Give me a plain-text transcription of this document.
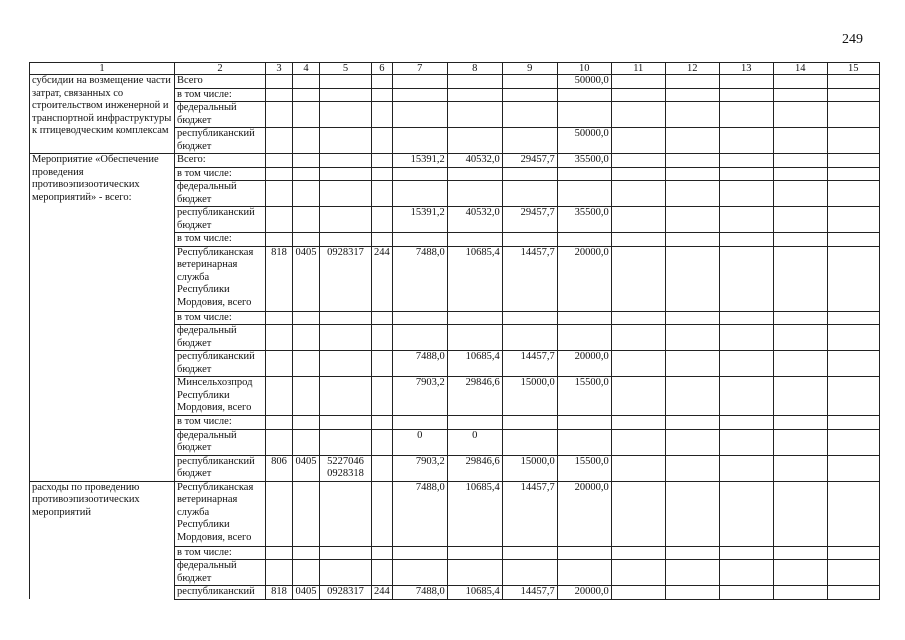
249
1	2	3	4	5	6	7	8	9	10	11	12	13	14	15
субсидии на возмещение части затрат, связанных со строительством инженерной и транспортной инфраструктуры к птицеводческим комплексам	Всего								50000,0					
	в том числе:													
	федеральный бюджет													
	республиканский бюджет								50000,0					
Мероприятие «Обеспечение проведения противоэпизоотических мероприятий» - всего:	Всего:					15391,2	40532,0	29457,7	35500,0					
	в том числе:													
	федеральный бюджет													
	республиканский бюджет					15391,2	40532,0	29457,7	35500,0					
	в том числе:													
	Республиканская ветеринарная служба Республики Мордовия, всего	818	0405	0928317	244	7488,0	10685,4	14457,7	20000,0					
	в том числе:													
	федеральный бюджет													
	республиканский бюджет					7488,0	10685,4	14457,7	20000,0					
	Минсельхозпрод Республики Мордовия, всего					7903,2	29846,6	15000,0	15500,0					
	в том числе:													
	федеральный бюджет					0	0							
	республиканский бюджет	806	0405	5227046 0928318		7903,2	29846,6	15000,0	15500,0					
расходы по проведению противоэпизоотических мероприятий	Республиканская ветеринарная служба Республики Мордовия, всего					7488,0	10685,4	14457,7	20000,0					
	в том числе:													
	федеральный бюджет													
	республиканский	818	0405	0928317	244	7488,0	10685,4	14457,7	20000,0					
